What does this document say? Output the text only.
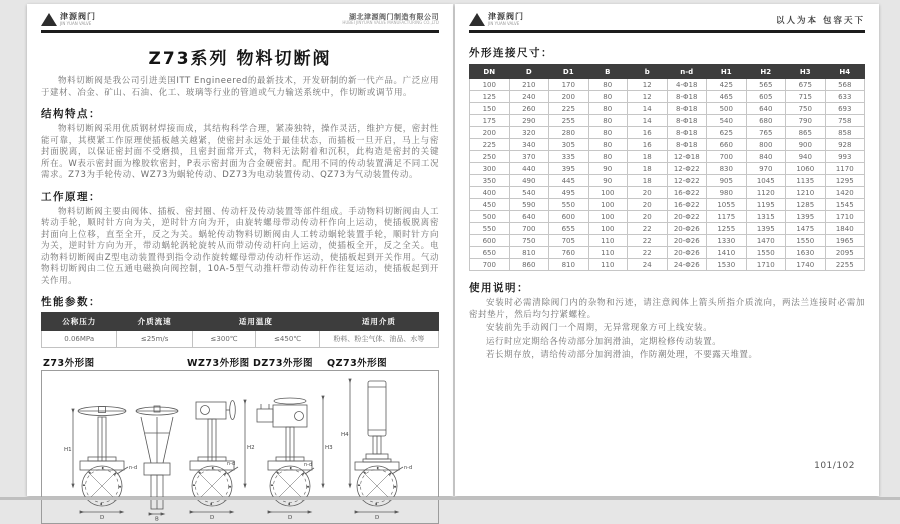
津源阀门
JIN YUAN VALVE
湖北津源阀门制造有限公司
HUBEI JINYUAN VALVE MANUFACTURING CO.,LTD
Z73系列 物料切断阀

物料切断阀是我公司引进美国ITT Engineered的最新技术，开发研制的新一代产品。广泛应用于建材、冶金、矿山、石油、化工、玻璃等行业的管道或气力输送系统中，作切断或调节用。

结构特点：

物料切断阀采用优质钢材焊接而成，其结构科学合理，紧凑独特，操作灵活，维护方便，密封性能可靠，其楔紧工作原理使插板越关越紧，使密封永远处于最佳状态，而插板一旦开启，马上与密封面脱离，以保证密封面不受磨损，且密封面常开式，物料无法附着和沉积，此构造是密封的关键所在。W表示密封面为橡胶软密封，P表示密封面为合金硬密封。配用不同的传动装置满足不同工况需求。Z73为手轮传动、WZ73为蜗轮传动、DZ73为电动装置传动、QZ73为气动装置传动。

工作原理：

物料切断阀主要由阀体、插板、密封圈、传动杆及传动装置等部件组成。手动物料切断阀由人工转动手轮，顺时针方向为关，逆时针方向为开，由旋转螺母带动传动杆作向上运动，使插板脱离密封面向上位移，直至全开，反之为关。蜗轮传动物料切断阀由人工转动蜗轮装置手轮，顺时针方向为关，逆时针方向为开，带动蜗轮涡轮旋转从而带动传动杆向上运动，使插板全开，反之全关。电动物料切断阀由Z型电动装置得到指令动作旋转螺母带动传动杆作运动，使插板起到开关作用。气动物料切断阀由二位五通电磁换向阀控制，10A-5型气动推杆带动传动杆作往复运动，使插板起到开关作用。

性能参数：
公称压力	介质流速	适用温度		适用介质
0.06MPa	≤25m/s	≤300℃	≤450℃	粉料、粉尘气体、油品、水等
Z73外形图	WZ73外形图 DZ73外形图 QZ73外形图
H1
D
n-d
B
H2
D
n-d
H3
D
n-d
H4
D
n-d
津源阀门
JIN YUAN VALVE	以人为本 包容天下
外形连接尺寸：
DN	D	D1	B	b	n-d	H1	H2	H3	H4
100	210	170	80	12	4-Φ18	425	565	675	568
125	240	200	80	12	8-Φ18	465	605	715	633
150	260	225	80	14	8-Φ18	500	640	750	693
175	290	255	80	14	8-Φ18	540	680	790	758
200	320	280	80	16	8-Φ18	625	765	865	858
225	340	305	80	16	8-Φ18	660	800	900	928
250	370	335	80	18	12-Φ18	700	840	940	993
300	440	395	90	18	12-Φ22	830	970	1060	1170
350	490	445	90	18	12-Φ22	905	1045	1135	1295
400	540	495	100	20	16-Φ22	980	1120	1210	1420
450	590	550	100	20	16-Φ22	1055	1195	1285	1545
500	640	600	100	20	20-Φ22	1175	1315	1395	1710
550	700	655	100	22	20-Φ26	1255	1395	1475	1840
600	750	705	110	22	20-Φ26	1330	1470	1550	1965
650	810	760	110	22	20-Φ26	1410	1550	1630	2095
700	860	810	110	24	24-Φ26	1530	1710	1740	2255
使用说明：

安装时必需清除阀门内的杂物和污迹，请注意阀体上箭头所指介质流向，两法兰连接时必需加密封垫片，然后均匀拧紧螺栓。

安装前先手动阀门一个周期，无异常现象方可上线安装。

运行时应定期给各传动部分加润滑油，定期检修传动装置。

若长期存放，请给传动部分加润滑油，作防潮处理，不要露天堆置。

101/102
